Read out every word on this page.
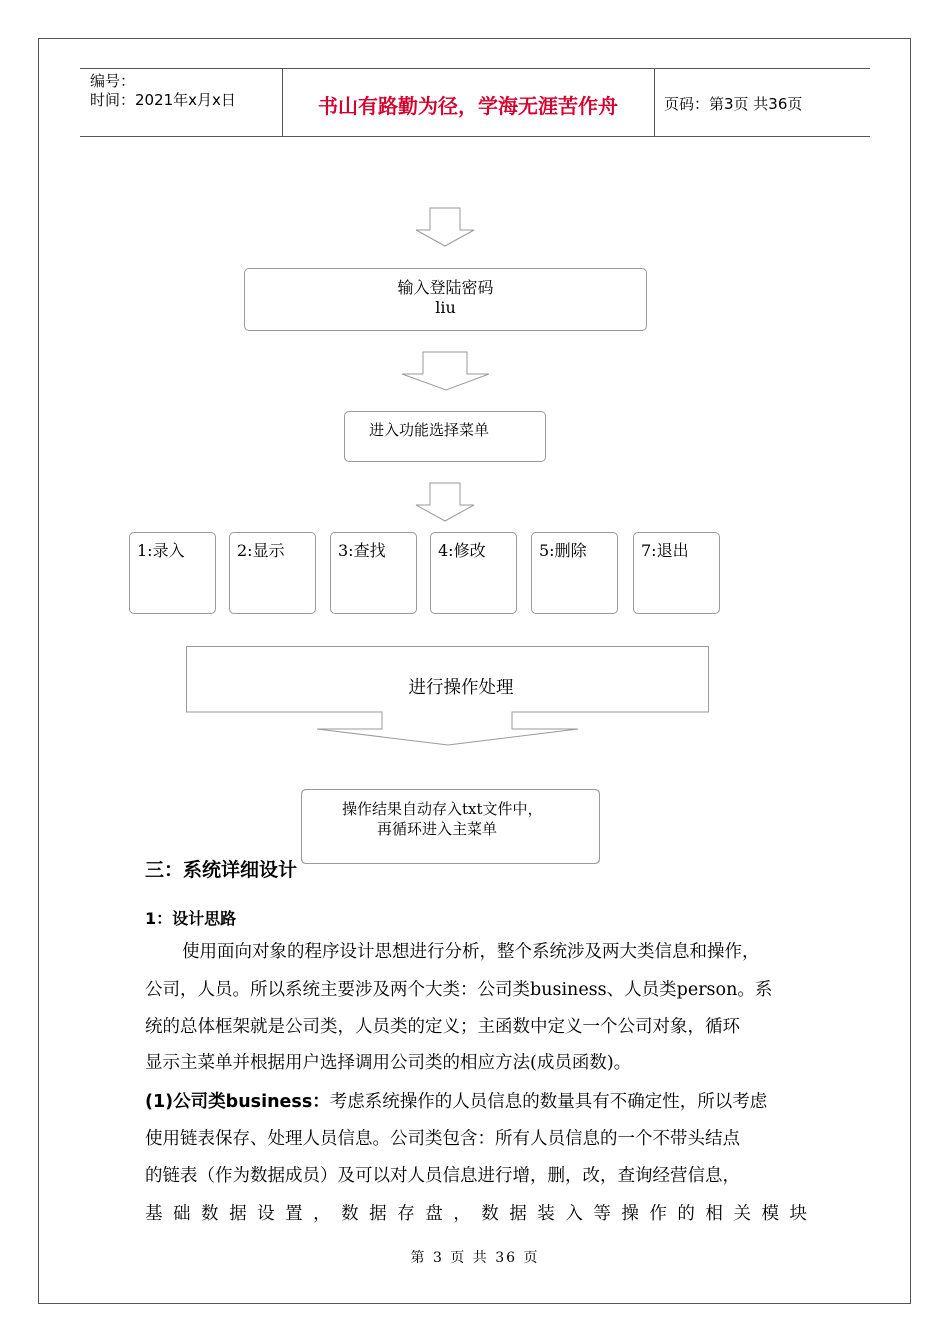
编号：
时间：2021年x月x日	书山有路勤为径，学海无涯苦作舟	页码：第3页 共36页
输入登陆密码
liu
进入功能选择菜单
1:录入	2:显示	3:查找	4:修改	5:删除	7:退出
进行操作处理
操作结果自动存入txt文件中，
再循环进入主菜单
三：系统详细设计
1：设计思路
使用面向对象的程序设计思想进行分析，整个系统涉及两大类信息和操作，
公司，人员。所以系统主要涉及两个大类：公司类business、人员类person。系
统的总体框架就是公司类，人员类的定义；主函数中定义一个公司对象，循环
显示主菜单并根据用户选择调用公司类的相应方法(成员函数)。
(1)公司类business：考虑系统操作的人员信息的数量具有不确定性，所以考虑
使用链表保存、处理人员信息。公司类包含：所有人员信息的一个不带头结点
的链表（作为数据成员）及可以对人员信息进行增，删，改，查询经营信息，
基础数据设置，数据存盘，数据装入等操作的相关模块
第 3 页 共 36 页
